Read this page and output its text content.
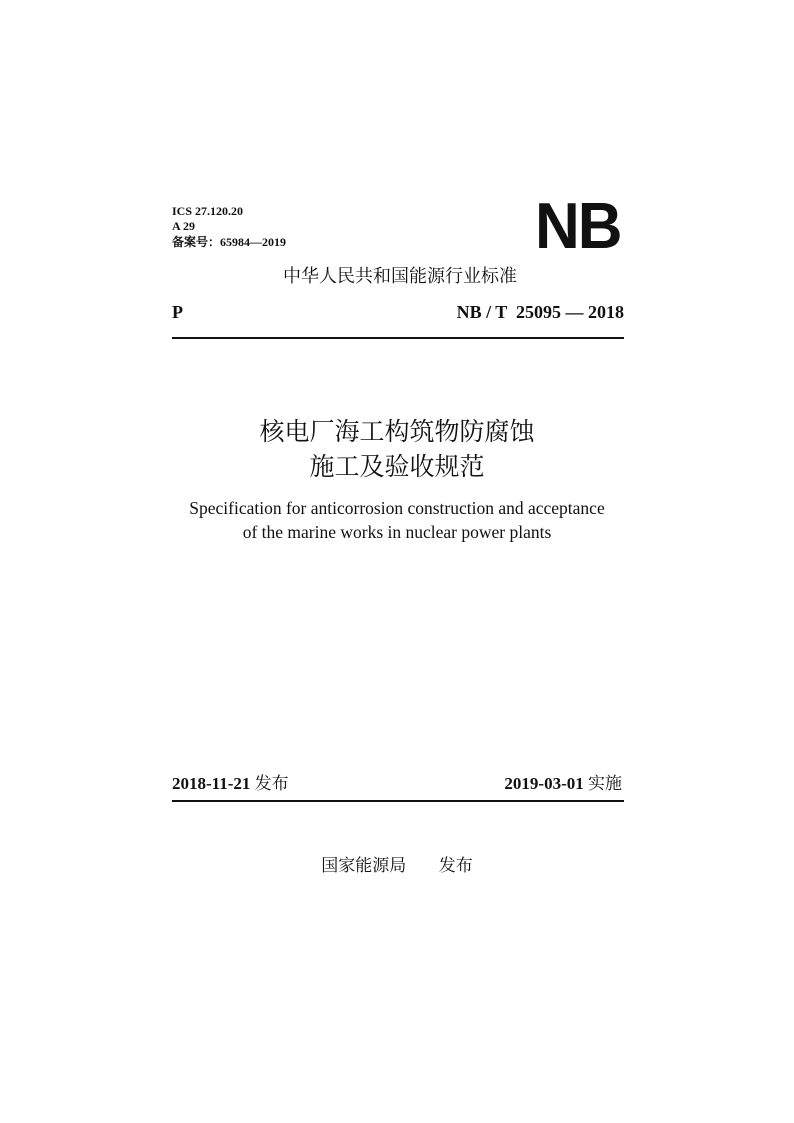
ICS 27.120.20
A 29
备案号：65984—2019	NB
中华人民共和国能源行业标准
P	NB / T  25095 — 2018
核电厂海工构筑物防腐蚀
施工及验收规范
Specification for anticorrosion construction and acceptance
of the marine works in nuclear power plants
2018-11-21 发布	2019-03-01 实施
国家能源局 发布
